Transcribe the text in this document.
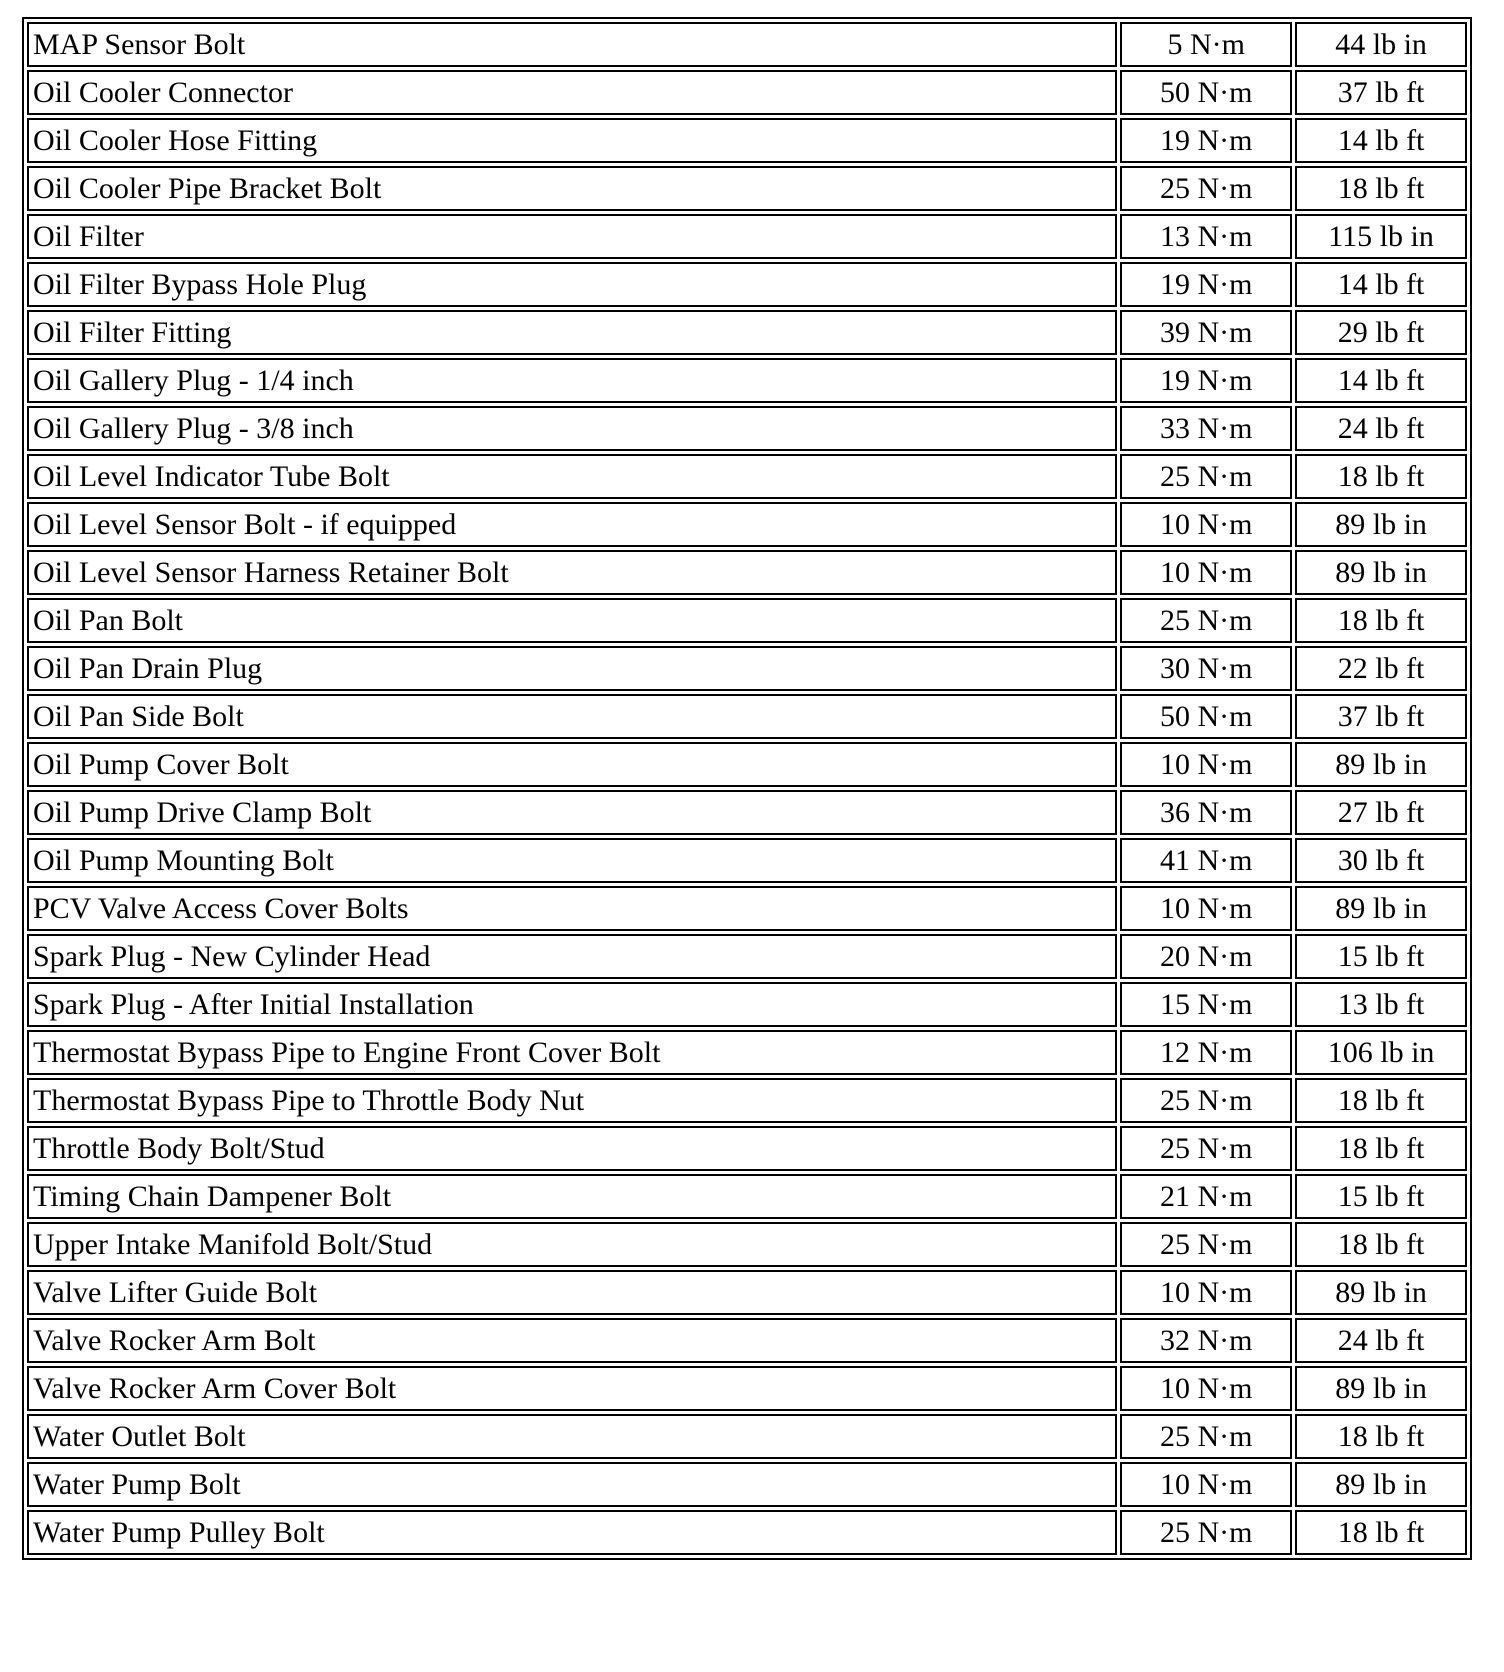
MAP Sensor Bolt	5 N·m	44 lb in
Oil Cooler Connector	50 N·m	37 lb ft
Oil Cooler Hose Fitting	19 N·m	14 lb ft
Oil Cooler Pipe Bracket Bolt	25 N·m	18 lb ft
Oil Filter	13 N·m	115 lb in
Oil Filter Bypass Hole Plug	19 N·m	14 lb ft
Oil Filter Fitting	39 N·m	29 lb ft
Oil Gallery Plug - 1/4 inch	19 N·m	14 lb ft
Oil Gallery Plug - 3/8 inch	33 N·m	24 lb ft
Oil Level Indicator Tube Bolt	25 N·m	18 lb ft
Oil Level Sensor Bolt - if equipped	10 N·m	89 lb in
Oil Level Sensor Harness Retainer Bolt	10 N·m	89 lb in
Oil Pan Bolt	25 N·m	18 lb ft
Oil Pan Drain Plug	30 N·m	22 lb ft
Oil Pan Side Bolt	50 N·m	37 lb ft
Oil Pump Cover Bolt	10 N·m	89 lb in
Oil Pump Drive Clamp Bolt	36 N·m	27 lb ft
Oil Pump Mounting Bolt	41 N·m	30 lb ft
PCV Valve Access Cover Bolts	10 N·m	89 lb in
Spark Plug - New Cylinder Head	20 N·m	15 lb ft
Spark Plug - After Initial Installation	15 N·m	13 lb ft
Thermostat Bypass Pipe to Engine Front Cover Bolt	12 N·m	106 lb in
Thermostat Bypass Pipe to Throttle Body Nut	25 N·m	18 lb ft
Throttle Body Bolt/Stud	25 N·m	18 lb ft
Timing Chain Dampener Bolt	21 N·m	15 lb ft
Upper Intake Manifold Bolt/Stud	25 N·m	18 lb ft
Valve Lifter Guide Bolt	10 N·m	89 lb in
Valve Rocker Arm Bolt	32 N·m	24 lb ft
Valve Rocker Arm Cover Bolt	10 N·m	89 lb in
Water Outlet Bolt	25 N·m	18 lb ft
Water Pump Bolt	10 N·m	89 lb in
Water Pump Pulley Bolt	25 N·m	18 lb ft
